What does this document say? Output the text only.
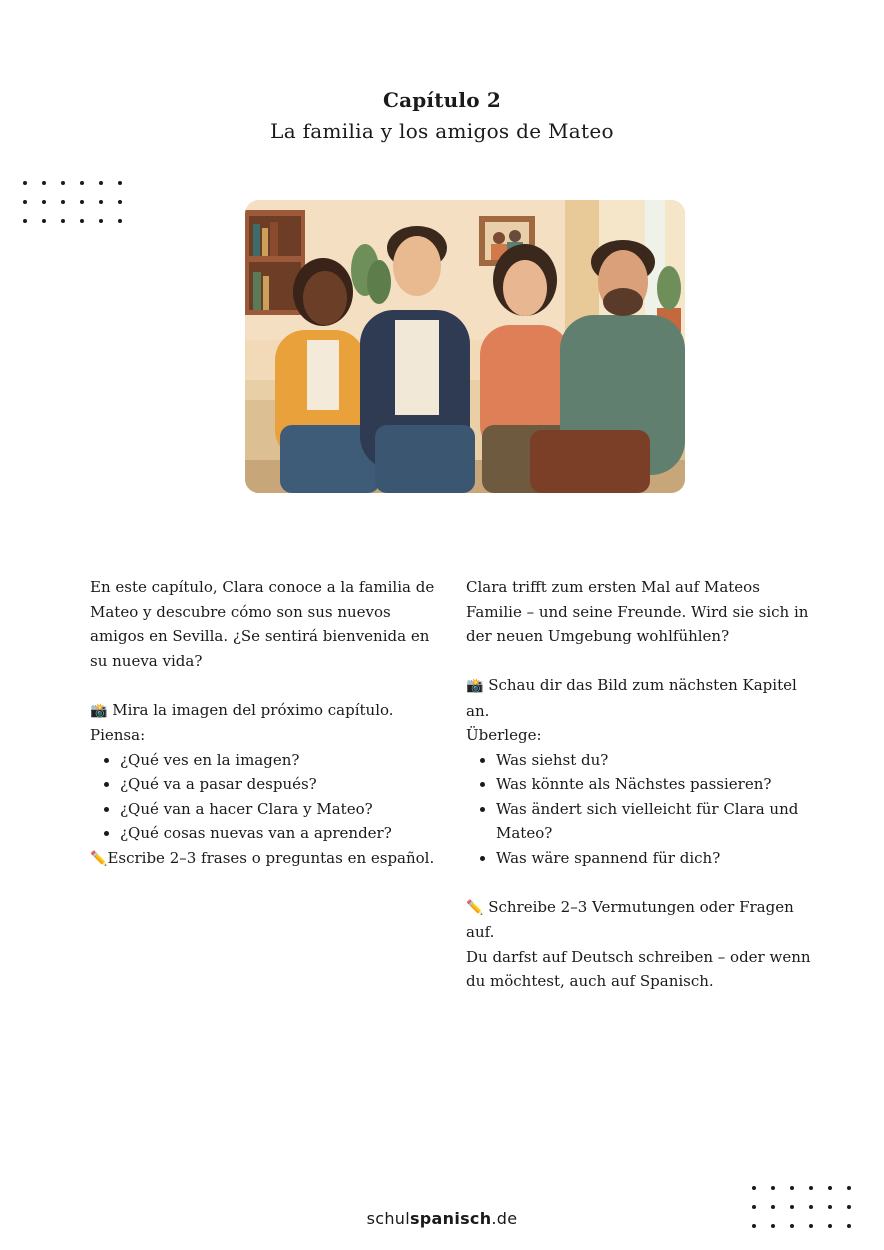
Capítulo 2
La familia y los amigos de Mateo

En este capítulo, Clara conoce a la familia de Mateo y descubre cómo son sus nuevos amigos en Sevilla. ¿Se sentirá bienvenida en su nueva vida?

📸 Mira la imagen del próximo capítulo.

Piensa:

• ¿Qué ves en la imagen?
• ¿Qué va a pasar después?
• ¿Qué van a hacer Clara y Mateo?
• ¿Qué cosas nuevas van a aprender?

✏️Escribe 2–3 frases o preguntas en español.

Clara trifft zum ersten Mal auf Mateos Familie – und seine Freunde. Wird sie sich in der neuen Umgebung wohlfühlen?

📸 Schau dir das Bild zum nächsten Kapitel an.

Überlege:

• Was siehst du?
• Was könnte als Nächstes passieren?
• Was ändert sich vielleicht für Clara und Mateo?
• Was wäre spannend für dich?

✏️ Schreibe 2–3 Vermutungen oder Fragen auf.

Du darfst auf Deutsch schreiben – oder wenn du möchtest, auch auf Spanisch.

schulspanisch.de
